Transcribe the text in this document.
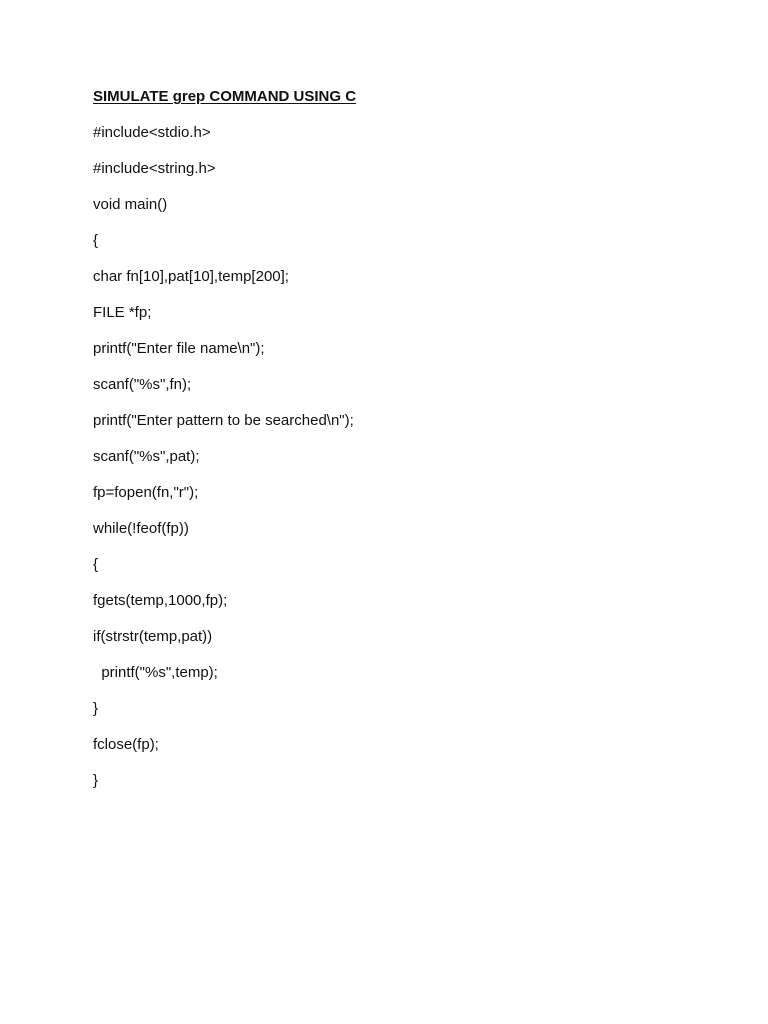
SIMULATE grep COMMAND USING C
#include<stdio.h>
#include<string.h>
void main()
{
char fn[10],pat[10],temp[200];
FILE *fp;
printf("Enter file name\n");
scanf("%s",fn);
printf("Enter pattern to be searched\n");
scanf("%s",pat);
fp=fopen(fn,"r");
while(!feof(fp))
{
fgets(temp,1000,fp);
if(strstr(temp,pat))
printf("%s",temp);
}
fclose(fp);
}
